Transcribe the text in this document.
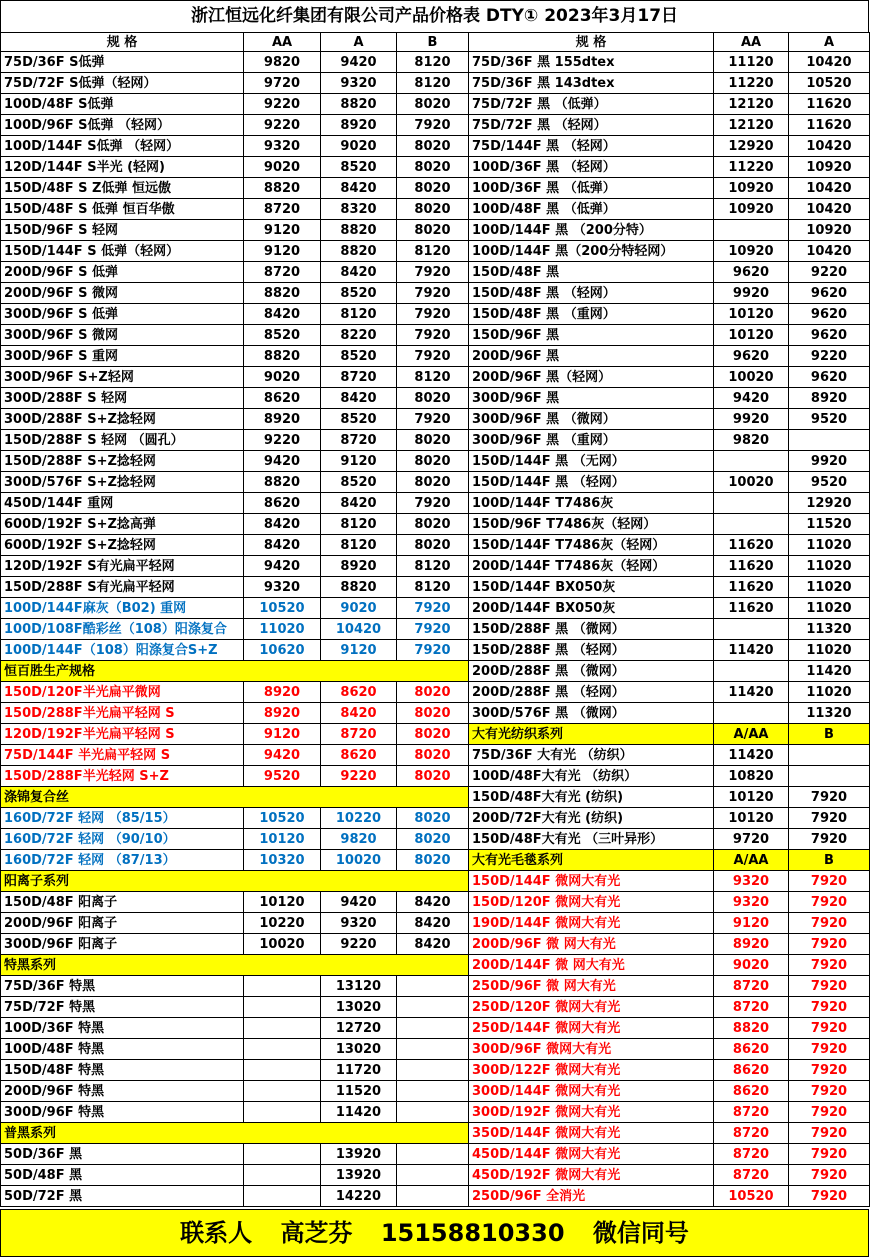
浙江恒远化纤集团有限公司产品价格表 DTY① 2023年3月17日
规 格	AA	A	B	规 格	AA	A
75D/36F S低弹	9820	9420	8120	75D/36F 黑 155dtex	11120	10420
75D/72F S低弹（轻网）	9720	9320	8120	75D/36F 黑 143dtex	11220	10520
100D/48F S低弹	9220	8820	8020	75D/72F 黑 （低弹）	12120	11620
100D/96F S低弹 （轻网）	9220	8920	7920	75D/72F 黑 （轻网）	12120	11620
100D/144F S低弹 （轻网）	9320	9020	8020	75D/144F 黑 （轻网）	12920	10420
120D/144F S半光 (轻网)	9020	8520	8020	100D/36F 黑 （轻网）	11220	10920
150D/48F S Z低弹 恒远傲	8820	8420	8020	100D/36F 黑 （低弹）	10920	10420
150D/48F S 低弹 恒百华傲	8720	8320	8020	100D/48F 黑 （低弹）	10920	10420
150D/96F S 轻网	9120	8820	8020	100D/144F 黑 （200分特）		10920
150D/144F S 低弹（轻网）	9120	8820	8120	100D/144F 黑（200分特轻网）	10920	10420
200D/96F S 低弹	8720	8420	7920	150D/48F 黑	9620	9220
200D/96F S 微网	8820	8520	7920	150D/48F 黑 （轻网）	9920	9620
300D/96F S 低弹	8420	8120	7920	150D/48F 黑 （重网）	10120	9620
300D/96F S 微网	8520	8220	7920	150D/96F 黑	10120	9620
300D/96F S 重网	8820	8520	7920	200D/96F 黑	9620	9220
300D/96F S+Z轻网	9020	8720	8120	200D/96F 黑（轻网）	10020	9620
300D/288F S 轻网	8620	8420	8020	300D/96F 黑	9420	8920
300D/288F S+Z捻轻网	8920	8520	7920	300D/96F 黑 （微网）	9920	9520
150D/288F S 轻网 （圆孔）	9220	8720	8020	300D/96F 黑 （重网）	9820	
150D/288F S+Z捻轻网	9420	9120	8020	150D/144F 黑 （无网）		9920
300D/576F S+Z捻轻网	8820	8520	8020	150D/144F 黑 （轻网）	10020	9520
450D/144F 重网	8620	8420	7920	100D/144F T7486灰		12920
600D/192F S+Z捻高弹	8420	8120	8020	150D/96F T7486灰（轻网）		11520
600D/192F S+Z捻轻网	8420	8120	8020	150D/144F T7486灰（轻网）	11620	11020
120D/192F S有光扁平轻网	9420	8920	8120	200D/144F T7486灰（轻网）	11620	11020
150D/288F S有光扁平轻网	9320	8820	8120	150D/144F BX050灰	11620	11020
100D/144F麻灰（B02) 重网	10520	9020	7920	200D/144F BX050灰	11620	11020
100D/108F酷彩丝（108）阳涤复合	11020	10420	7920	150D/288F 黑 （微网）		11320
100D/144F（108）阳涤复合S+Z	10620	9120	7920	150D/288F 黑 （轻网）	11420	11020
恒百胜生产规格				200D/288F 黑 （微网）		11420
150D/120F半光扁平微网	8920	8620	8020	200D/288F 黑 （轻网）	11420	11020
150D/288F半光扁平轻网 S	8920	8420	8020	300D/576F 黑 （微网）		11320
120D/192F半光扁平轻网 S	9120	8720	8020	大有光纺织系列	A/AA	B
75D/144F 半光扁平轻网 S	9420	8620	8020	75D/36F 大有光 （纺织）	11420	
150D/288F半光轻网 S+Z	9520	9220	8020	100D/48F大有光 （纺织）	10820	
涤锦复合丝				150D/48F大有光 (纺织)	10120	7920
160D/72F 轻网 （85/15）	10520	10220	8020	200D/72F大有光 (纺织)	10120	7920
160D/72F 轻网 （90/10）	10120	9820	8020	150D/48F大有光 （三叶异形）	9720	7920
160D/72F 轻网 （87/13）	10320	10020	8020	大有光毛毯系列	A/AA	B
阳离子系列				150D/144F 微网大有光	9320	7920
150D/48F 阳离子	10120	9420	8420	150D/120F 微网大有光	9320	7920
200D/96F 阳离子	10220	9320	8420	190D/144F 微网大有光	9120	7920
300D/96F 阳离子	10020	9220	8420	200D/96F 微 网大有光	8920	7920
特黑系列				200D/144F 微 网大有光	9020	7920
75D/36F 特黑		13120		250D/96F 微 网大有光	8720	7920
75D/72F 特黑		13020		250D/120F 微网大有光	8720	7920
100D/36F 特黑		12720		250D/144F 微网大有光	8820	7920
100D/48F 特黑		13020		300D/96F 微网大有光	8620	7920
150D/48F 特黑		11720		300D/122F 微网大有光	8620	7920
200D/96F 特黑		11520		300D/144F 微网大有光	8620	7920
300D/96F 特黑		11420		300D/192F 微网大有光	8720	7920
普黑系列				350D/144F 微网大有光	8720	7920
50D/36F 黑		13920		450D/144F 微网大有光	8720	7920
50D/48F 黑		13920		450D/192F 微网大有光	8720	7920
50D/72F 黑		14220		250D/96F 全消光	10520	7920
联系人 高芝芬 15158810330 微信同号
